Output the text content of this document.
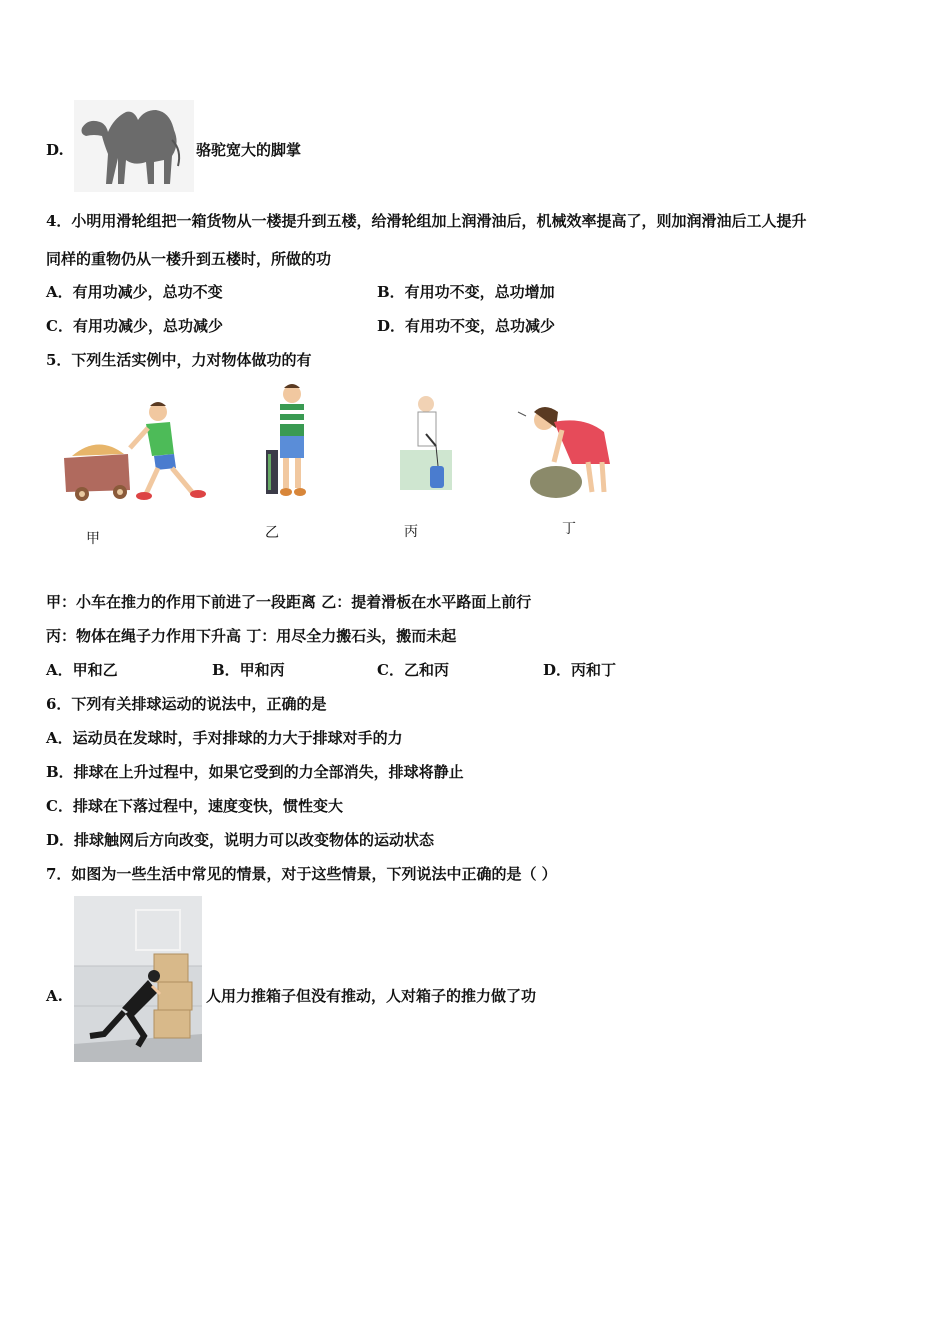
D.	骆驼宽大的脚掌
4．小明用滑轮组把一箱货物从一楼提升到五楼，给滑轮组加上润滑油后，机械效率提高了，则加润滑油后工人提升
同样的重物仍从一楼升到五楼时，所做的功
A．有用功减少，总功不变	B．有用功不变，总功增加
C．有用功减少，总功减少	D．有用功不变，总功减少
5．下列生活实例中，力对物体做功的有
甲	乙	丙	丁
甲：小车在推力的作用下前进了一段距离 乙：提着滑板在水平路面上前行
丙：物体在绳子力作用下升高 丁：用尽全力搬石头，搬而未起
A．甲和乙	B．甲和丙	C．乙和丙	D．丙和丁
6．下列有关排球运动的说法中，正确的是
A．运动员在发球时，手对排球的力大于排球对手的力
B．排球在上升过程中，如果它受到的力全部消失，排球将静止
C．排球在下落过程中，速度变快，惯性变大
D．排球触网后方向改变，说明力可以改变物体的运动状态
7．如图为一些生活中常见的情景，对于这些情景，下列说法中正确的是（ ）
A.	人用力推箱子但没有推动，人对箱子的推力做了功
